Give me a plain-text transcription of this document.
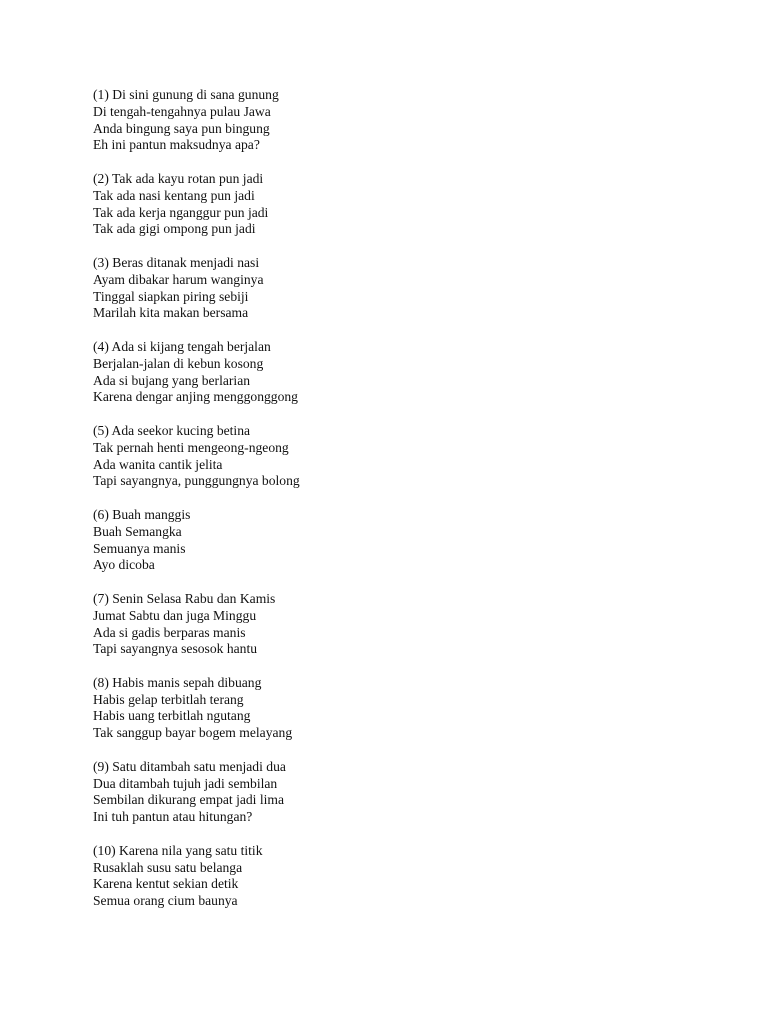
(1) Di sini gunung di sana gunung
Di tengah-tengahnya pulau Jawa
Anda bingung saya pun bingung
Eh ini pantun maksudnya apa?
(2) Tak ada kayu rotan pun jadi
Tak ada nasi kentang pun jadi
Tak ada kerja nganggur pun jadi
Tak ada gigi ompong pun jadi
(3) Beras ditanak menjadi nasi
Ayam dibakar harum wanginya
Tinggal siapkan piring sebiji
Marilah kita makan bersama
(4) Ada si kijang tengah berjalan
Berjalan-jalan di kebun kosong
Ada si bujang yang berlarian
Karena dengar anjing menggonggong
(5) Ada seekor kucing betina
Tak pernah henti mengeong-ngeong
Ada wanita cantik jelita
Tapi sayangnya, punggungnya bolong
(6) Buah manggis
Buah Semangka
Semuanya manis
Ayo dicoba
(7) Senin Selasa Rabu dan Kamis
Jumat Sabtu dan juga Minggu
Ada si gadis berparas manis
Tapi sayangnya sesosok hantu
(8) Habis manis sepah dibuang
Habis gelap terbitlah terang
Habis uang terbitlah ngutang
Tak sanggup bayar bogem melayang
(9) Satu ditambah satu menjadi dua
Dua ditambah tujuh jadi sembilan
Sembilan dikurang empat jadi lima
Ini tuh pantun atau hitungan?
(10) Karena nila yang satu titik
Rusaklah susu satu belanga
Karena kentut sekian detik
Semua orang cium baunya
